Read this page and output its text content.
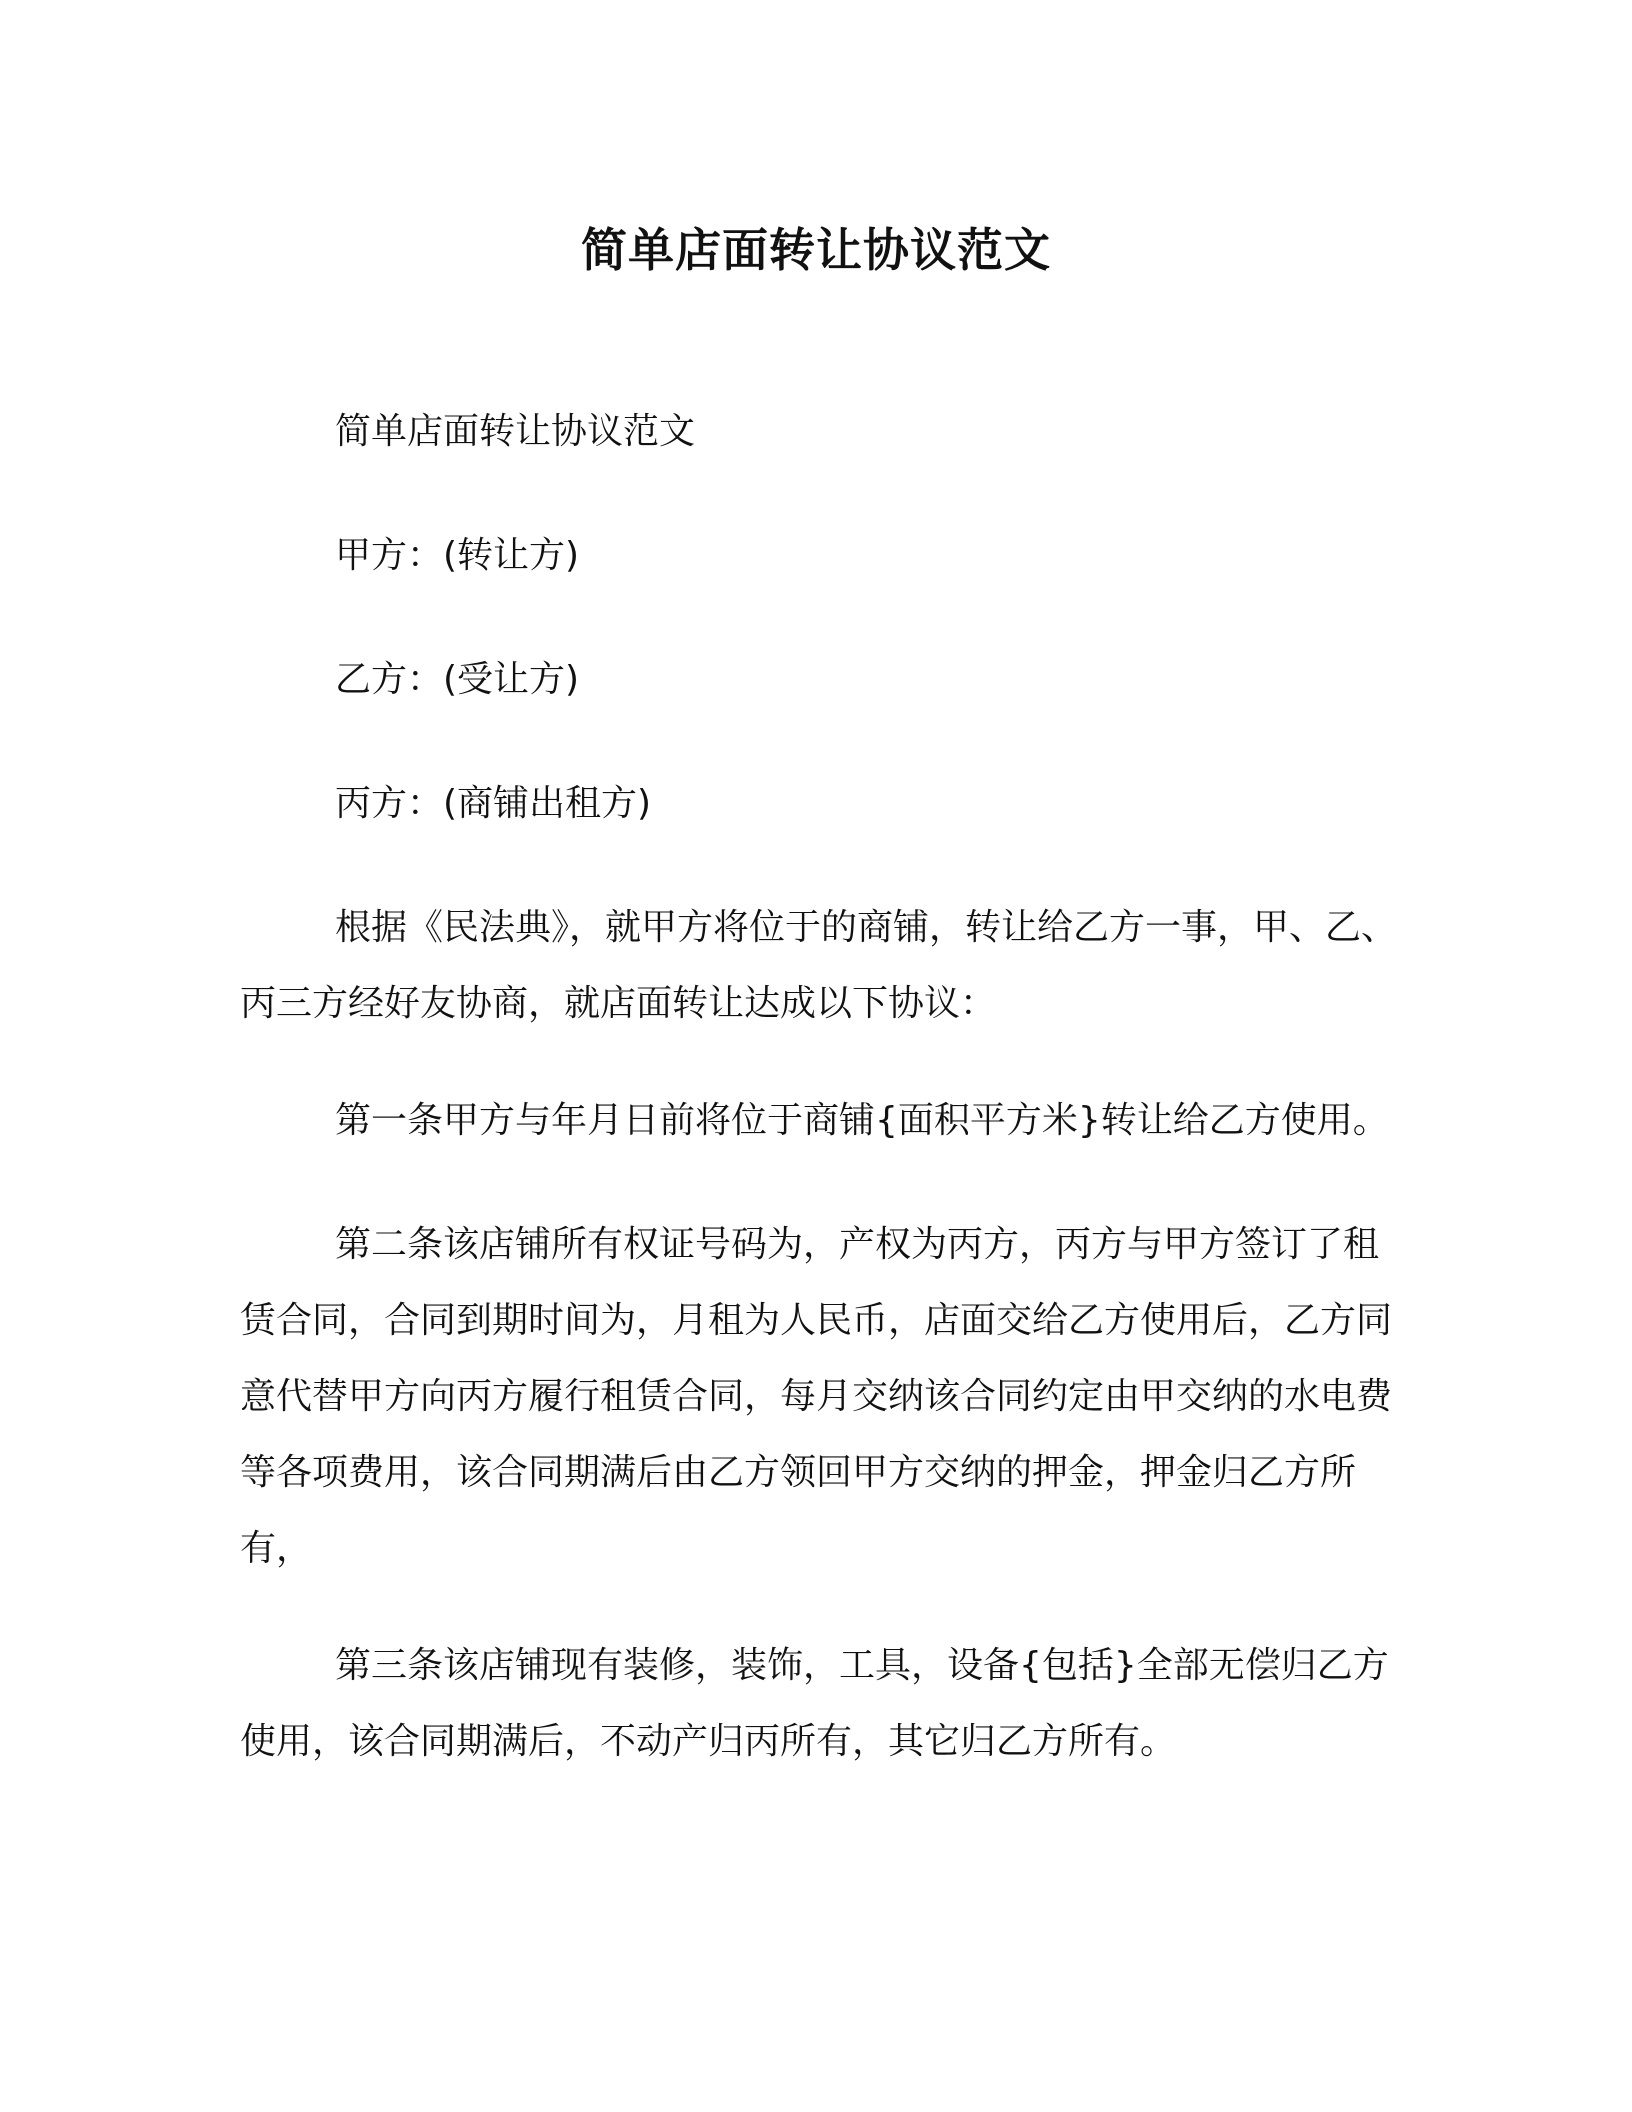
简单店面转让协议范文

简单店面转让协议范文

甲方：(转让方)

乙方：(受让方)

丙方：(商铺出租方)

根据《民法典》，就甲方将位于的商铺，转让给乙方一事，甲、乙、丙三方经好友协商，就店面转让达成以下协议：

第一条甲方与年月日前将位于商铺{面积平方米}转让给乙方使用。

第二条该店铺所有权证号码为，产权为丙方，丙方与甲方签订了租赁合同，合同到期时间为，月租为人民币，店面交给乙方使用后，乙方同意代替甲方向丙方履行租赁合同，每月交纳该合同约定由甲交纳的水电费等各项费用，该合同期满后由乙方领回甲方交纳的押金，押金归乙方所有，

第三条该店铺现有装修，装饰，工具，设备{包括}全部无偿归乙方使用，该合同期满后，不动产归丙所有，其它归乙方所有。
